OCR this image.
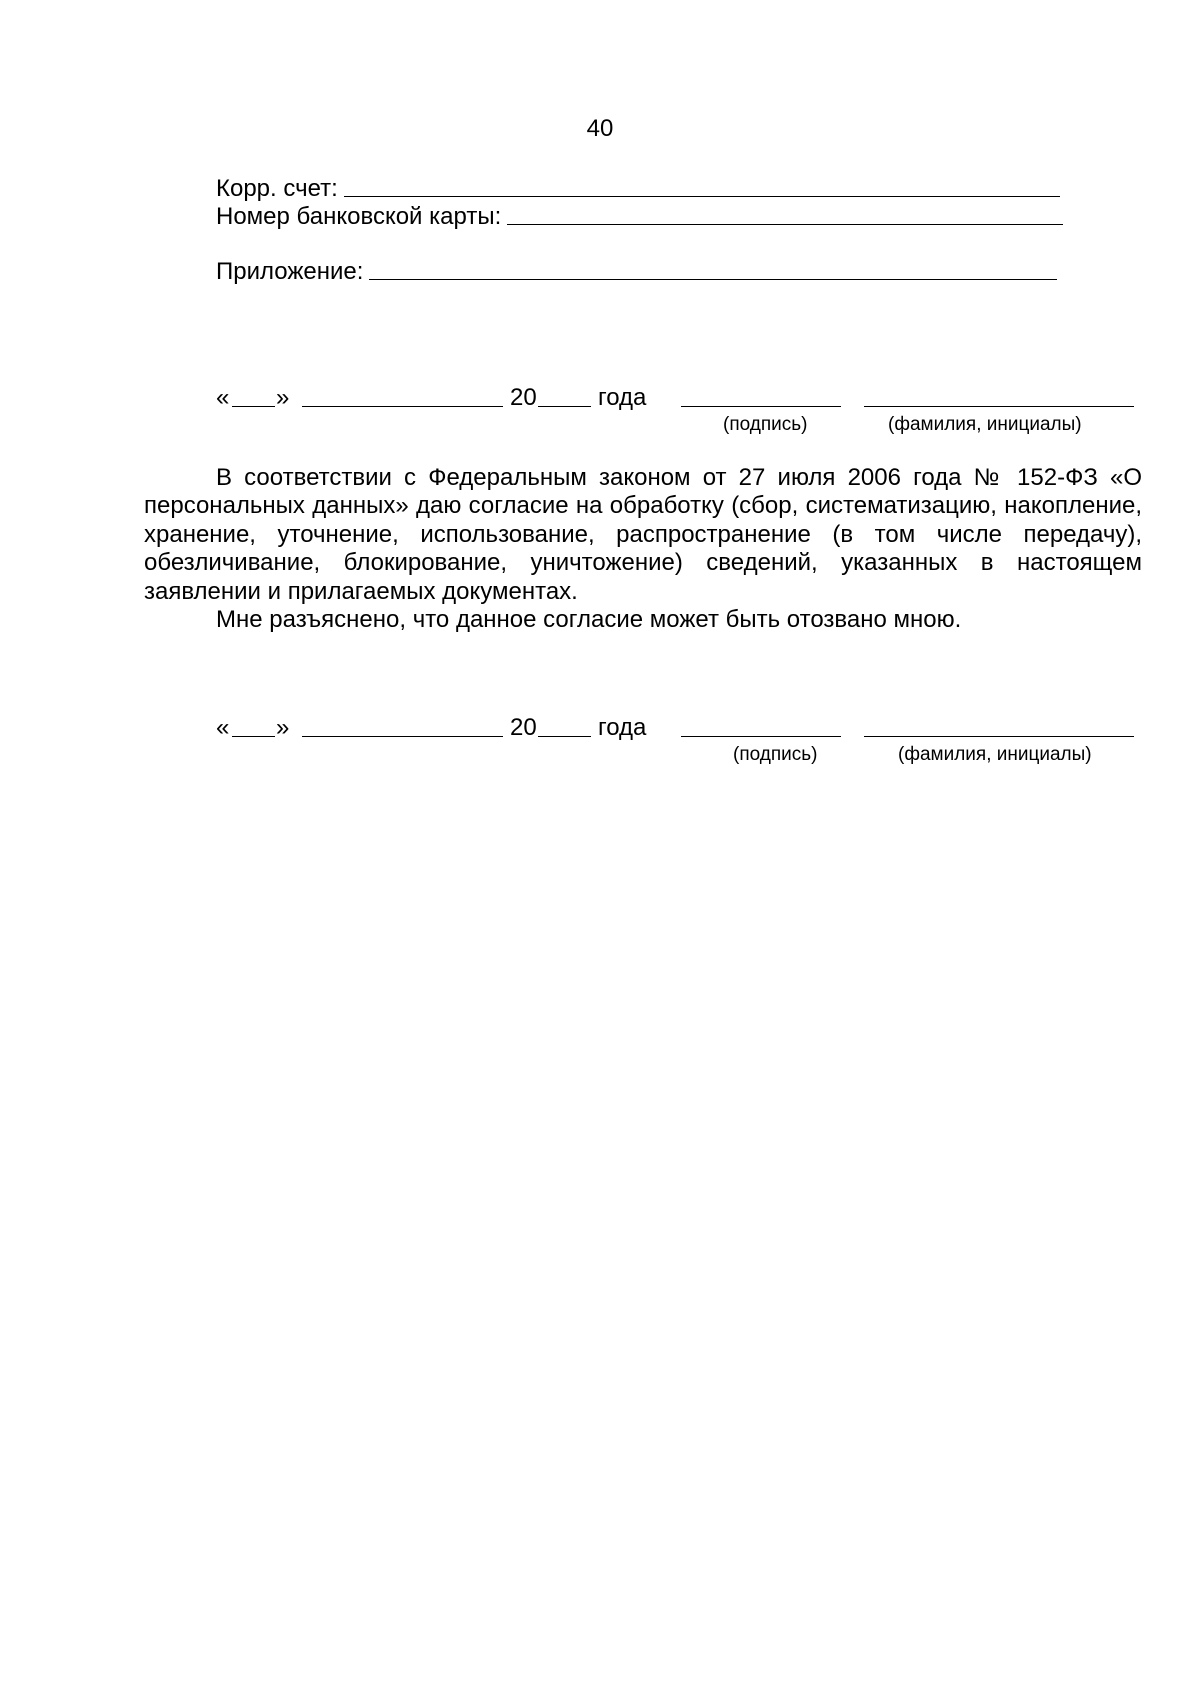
40
Корр. счет:
Номер банковской карты:
Приложение:
« »	20	года
(подпись)	(фамилия, инициалы)

В соответствии с Федеральным законом от 27 июля 2006 года № 152-ФЗ «О персональных данных» даю согласие на обработку (сбор, систематизацию, накопление, хранение, уточнение, использование, распространение (в том числе передачу), обезличивание, блокирование, уничтожение) сведений, указанных в настоящем заявлении и прилагаемых документах.

Мне разъяснено, что данное согласие может быть отозвано мною.

« »	20	года
(подпись)	(фамилия, инициалы)
